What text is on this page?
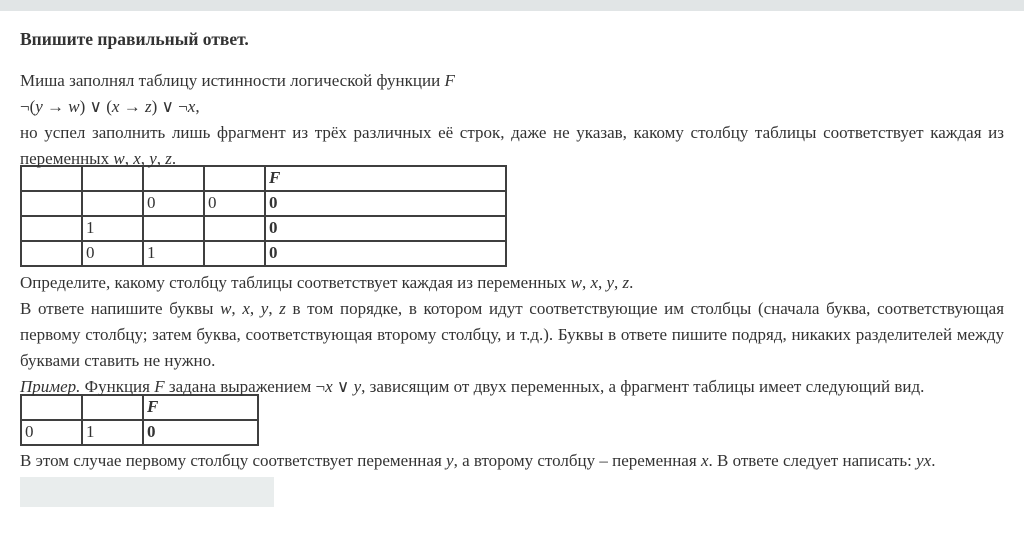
Впишите правильный ответ.

Миша заполнял таблицу истинности логической функции F

¬(y → w) ∨ (x → z) ∨ ¬x,

но успел заполнить лишь фрагмент из трёх различных её строк, даже не указав, какому столбцу таблицы соответствует каждая из переменных w, x, y, z.

				F
		0	0	0
	1			0
	0	1		0

Определите, какому столбцу таблицы соответствует каждая из переменных w, x, y, z.

В ответе напишите буквы w, x, y, z в том порядке, в котором идут соответствующие им столбцы (сначала буква, соответствующая первому столбцу; затем буква, соответствующая второму столбцу, и т.д.). Буквы в ответе пишите подряд, никаких разделителей между буквами ставить не нужно.

Пример. Функция F задана выражением ¬x ∨ y, зависящим от двух переменных, а фрагмент таблицы имеет следующий вид.

		F
0	1	0

В этом случае первому столбцу соответствует переменная y, а второму столбцу – переменная x. В ответе следует написать: yx.
